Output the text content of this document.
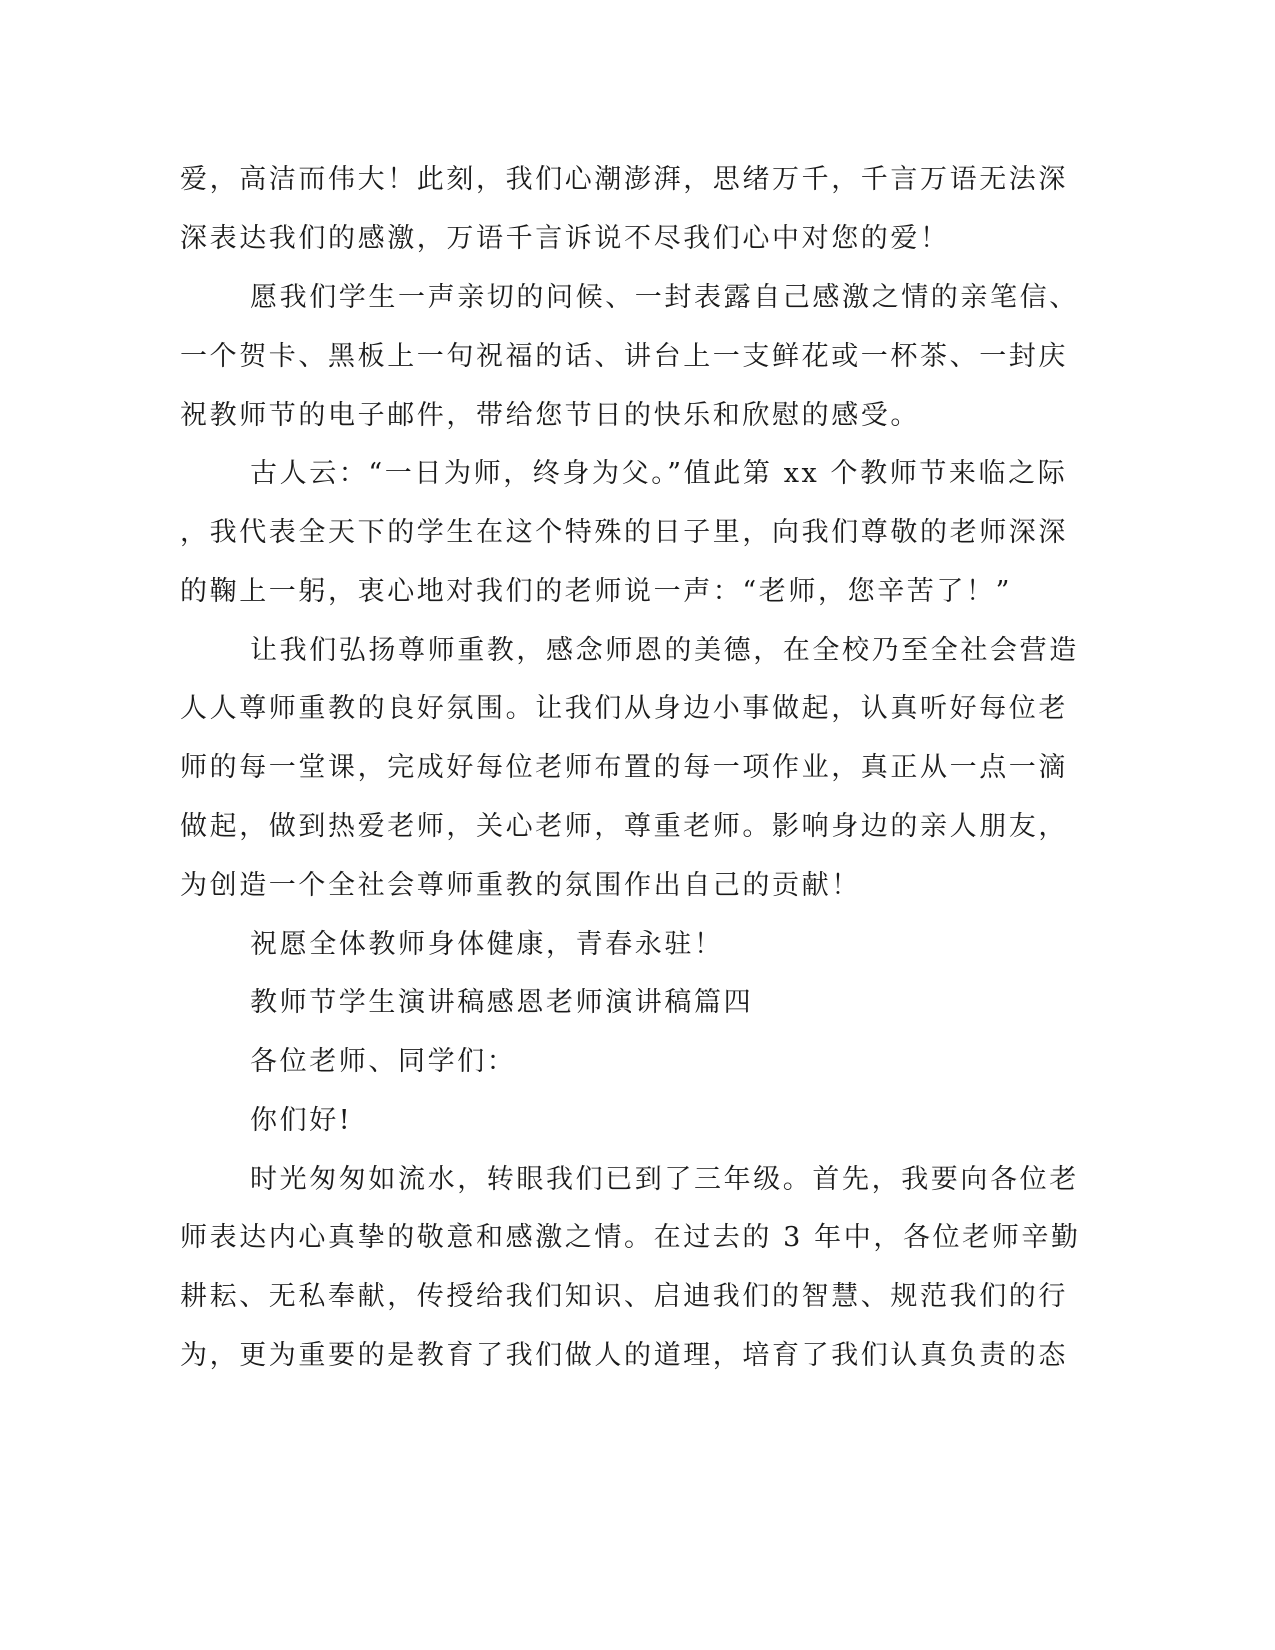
爱，高洁而伟大！此刻，我们心潮澎湃，思绪万千，千言万语无法深

深表达我们的感激，万语千言诉说不尽我们心中对您的爱！

愿我们学生一声亲切的问候、一封表露自己感激之情的亲笔信、

一个贺卡、黑板上一句祝福的话、讲台上一支鲜花或一杯茶、一封庆

祝教师节的电子邮件，带给您节日的快乐和欣慰的感受。

古人云：“一日为师，终身为父。”值此第 xx 个教师节来临之际

，我代表全天下的学生在这个特殊的日子里，向我们尊敬的老师深深

的鞠上一躬，衷心地对我们的老师说一声：“老师，您辛苦了！”

让我们弘扬尊师重教，感念师恩的美德，在全校乃至全社会营造

人人尊师重教的良好氛围。让我们从身边小事做起，认真听好每位老

师的每一堂课，完成好每位老师布置的每一项作业，真正从一点一滴

做起，做到热爱老师，关心老师，尊重老师。影响身边的亲人朋友，

为创造一个全社会尊师重教的氛围作出自己的贡献！

祝愿全体教师身体健康，青春永驻！

教师节学生演讲稿感恩老师演讲稿篇四

各位老师、同学们：

你们好!

时光匆匆如流水，转眼我们已到了三年级。首先，我要向各位老

师表达内心真挚的敬意和感激之情。在过去的 3 年中，各位老师辛勤

耕耘、无私奉献，传授给我们知识、启迪我们的智慧、规范我们的行

为，更为重要的是教育了我们做人的道理，培育了我们认真负责的态
